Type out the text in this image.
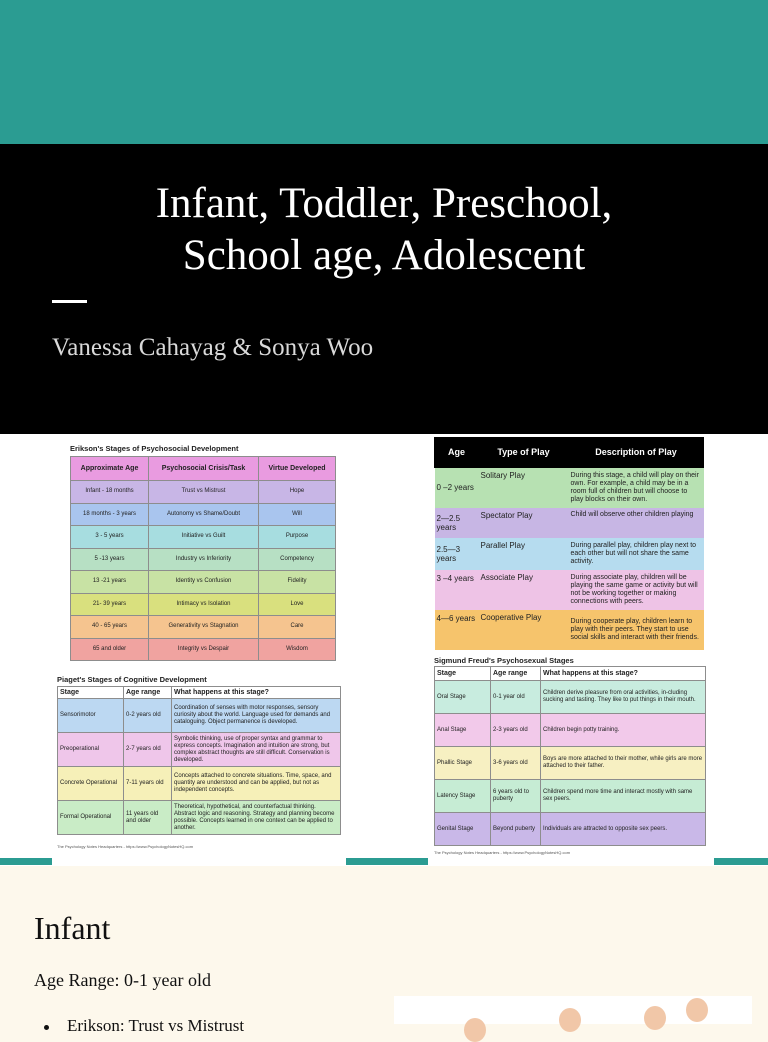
Infant, Toddler, Preschool,
School age, Adolescent
Vanessa Cahayag & Sonya Woo
Erikson's Stages of Psychosocial Development
Approximate Age	Psychosocial Crisis/Task	Virtue Developed
Infant - 18 months	Trust vs Mistrust	Hope
18 months - 3 years	Autonomy vs Shame/Doubt	Will
3 - 5 years	Initiative vs Guilt	Purpose
5 -13 years	Industry vs Inferiority	Competency
13 -21 years	Identity vs Confusion	Fidelity
21- 39 years	Intimacy vs Isolation	Love
40 - 65 years	Generativity vs Stagnation	Care
65 and older	Integrity vs Despair	Wisdom
Piaget's Stages of Cognitive Development
Stage	Age range	What happens at this stage?
Sensorimotor	0-2 years old	Coordination of senses with motor responses, sensory curiosity about the world. Language used for demands and cataloguing. Object permanence is developed.
Preoperational	2-7 years old	Symbolic thinking, use of proper syntax and grammar to express concepts. Imagination and intuition are strong, but complex abstract thoughts are still difficult. Conservation is developed.
Concrete Operational	7-11 years old	Concepts attached to concrete situations. Time, space, and quantity are understood and can be applied, but not as independent concepts.
Formal Operational	11 years old and older	Theoretical, hypothetical, and counterfactual thinking. Abstract logic and reasoning. Strategy and planning become possible. Concepts learned in one context can be applied to another.
The Psychology Notes Headquarters - https://www.PsychologyNotesHQ.com
Age	Type of Play	Description of Play
0 –2 years	Solitary Play	During this stage, a child will play on their own. For example, a child may be in a room full of children but will choose to play blocks on their own.
2—2.5 years	Spectator Play	Child will observe other children playing
2.5—3 years	Parallel Play	During parallel play, children play next to each other but will not share the same activity.
3 –4 years	Associate Play	During associate play, children will be playing the same game or activity but will not be working together or making connections with peers.
4—6 years	Cooperative Play	During cooperate play, children learn to play with their peers. They start to use social skills and interact with their friends.
Sigmund Freud's Psychosexual Stages
Stage	Age range	What happens at this stage?
Oral Stage	0-1 year old	Children derive pleasure from oral activities, in-cluding sucking and tasting. They like to put things in their mouth.
Anal Stage	2-3 years old	Children begin potty training.
Phallic Stage	3-6 years old	Boys are more attached to their mother, while girls are more attached to their father.
Latency Stage	6 years old to puberty	Children spend more time and interact mostly with same sex peers.
Genital Stage	Beyond puberty	Individuals are attracted to opposite sex peers.
The Psychology Notes Headquarters - https://www.PsychologyNotesHQ.com
Infant
Age Range: 0-1 year old
Erikson: Trust vs Mistrust
